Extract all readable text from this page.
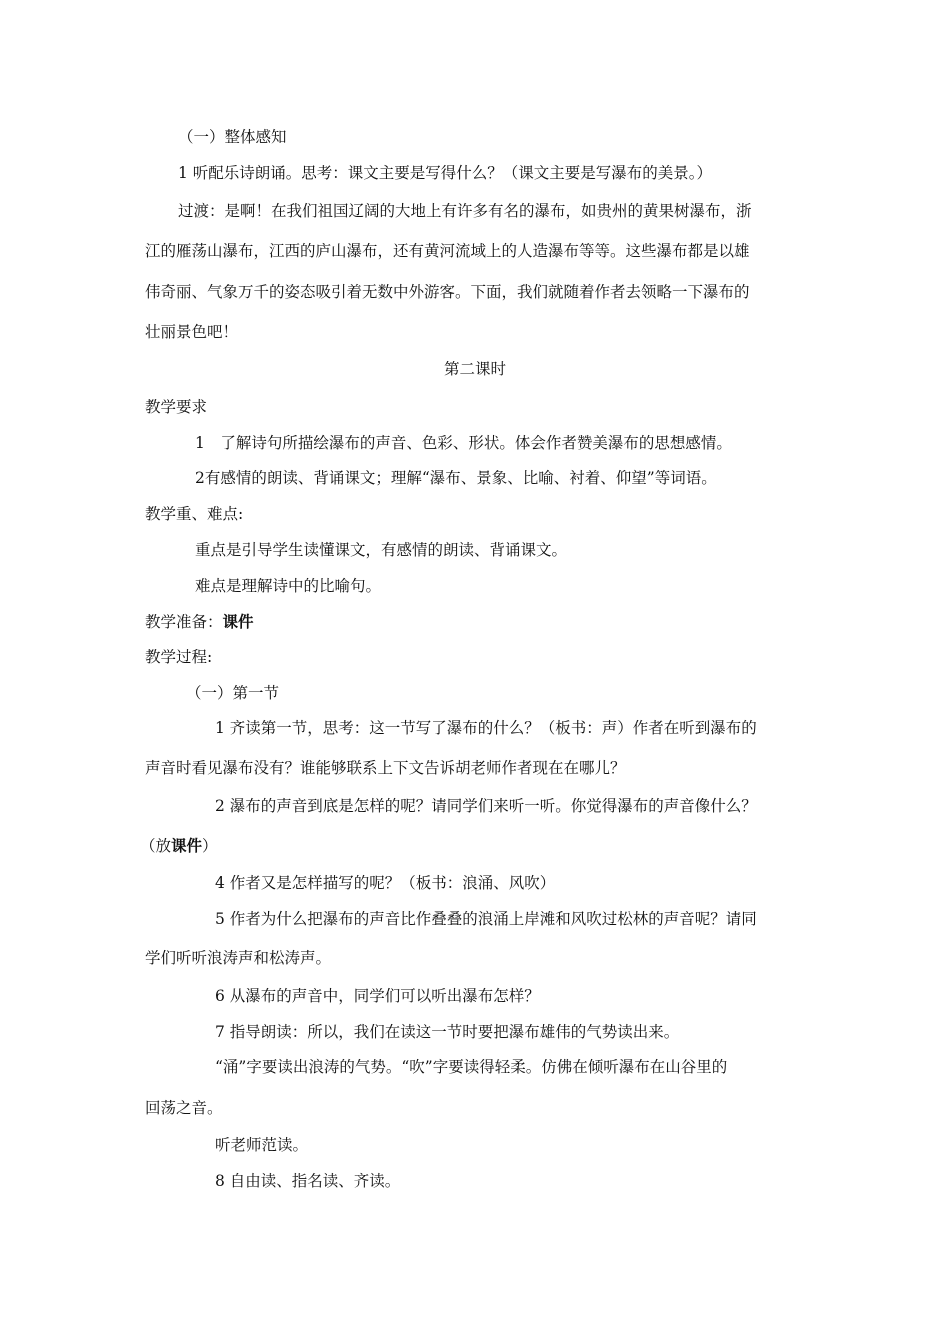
（一）整体感知
1 听配乐诗朗诵。思考：课文主要是写得什么？（课文主要是写瀑布的美景。）
过渡：是啊！在我们祖国辽阔的大地上有许多有名的瀑布，如贵州的黄果树瀑布，浙
江的雁荡山瀑布，江西的庐山瀑布，还有黄河流域上的人造瀑布等等。这些瀑布都是以雄
伟奇丽、气象万千的姿态吸引着无数中外游客。下面，我们就随着作者去领略一下瀑布的
壮丽景色吧！
第二课时
教学要求
1　了解诗句所描绘瀑布的声音、色彩、形状。体会作者赞美瀑布的思想感情。
2有感情的朗读、背诵课文；理解“瀑布、景象、比喻、衬着、仰望”等词语。
教学重、难点:
重点是引导学生读懂课文，有感情的朗读、背诵课文。
难点是理解诗中的比喻句。
教学准备：课件
教学过程:
（一）第一节
1 齐读第一节，思考：这一节写了瀑布的什么？（板书：声）作者在听到瀑布的
声音时看见瀑布没有？谁能够联系上下文告诉胡老师作者现在在哪儿？
2 瀑布的声音到底是怎样的呢？请同学们来听一听。你觉得瀑布的声音像什么？
（放课件）
4 作者又是怎样描写的呢？（板书：浪涌、风吹）
5 作者为什么把瀑布的声音比作叠叠的浪涌上岸滩和风吹过松林的声音呢？请同
学们听听浪涛声和松涛声。
6 从瀑布的声音中，同学们可以听出瀑布怎样？
7 指导朗读：所以，我们在读这一节时要把瀑布雄伟的气势读出来。
“涌”字要读出浪涛的气势。“吹”字要读得轻柔。仿佛在倾听瀑布在山谷里的
回荡之音。
听老师范读。
8 自由读、指名读、齐读。
